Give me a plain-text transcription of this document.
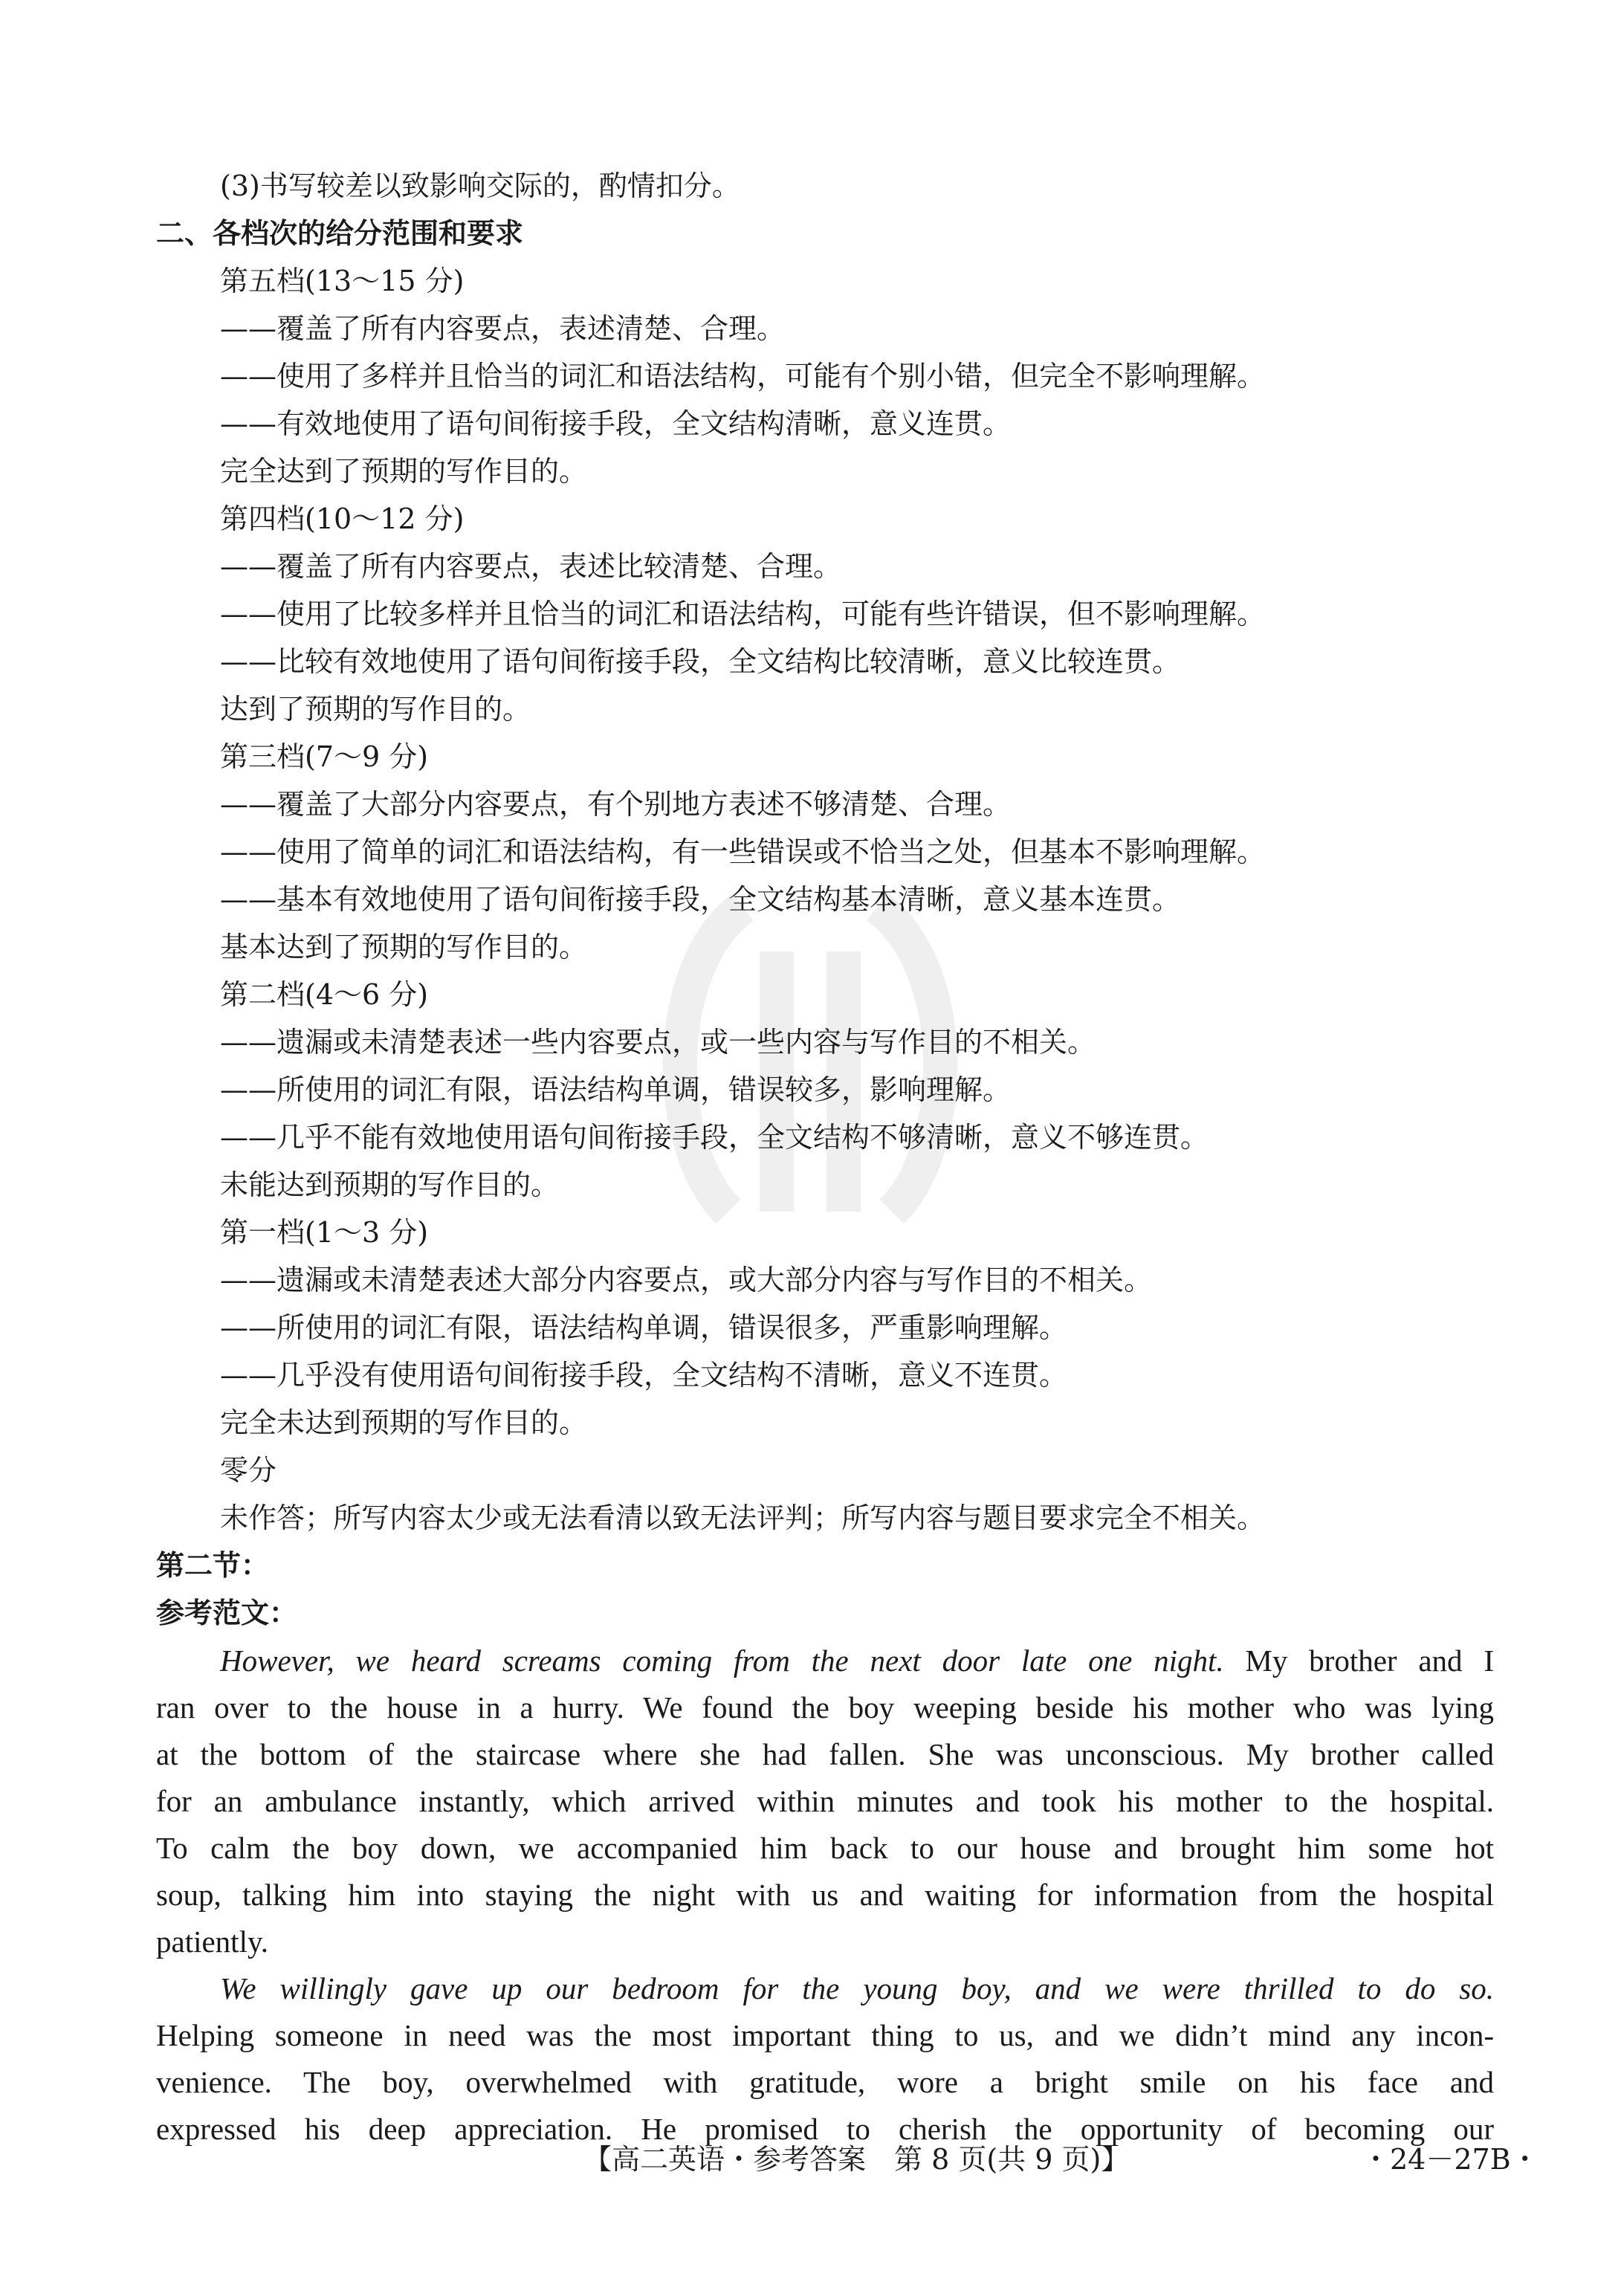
(3)书写较差以致影响交际的，酌情扣分。
二、各档次的给分范围和要求
第五档(13～15 分)
——覆盖了所有内容要点，表述清楚、合理。
——使用了多样并且恰当的词汇和语法结构，可能有个别小错，但完全不影响理解。
——有效地使用了语句间衔接手段，全文结构清晰，意义连贯。
完全达到了预期的写作目的。
第四档(10～12 分)
——覆盖了所有内容要点，表述比较清楚、合理。
——使用了比较多样并且恰当的词汇和语法结构，可能有些许错误，但不影响理解。
——比较有效地使用了语句间衔接手段，全文结构比较清晰，意义比较连贯。
达到了预期的写作目的。
第三档(7～9 分)
——覆盖了大部分内容要点，有个别地方表述不够清楚、合理。
——使用了简单的词汇和语法结构，有一些错误或不恰当之处，但基本不影响理解。
——基本有效地使用了语句间衔接手段，全文结构基本清晰，意义基本连贯。
基本达到了预期的写作目的。
第二档(4～6 分)
——遗漏或未清楚表述一些内容要点，或一些内容与写作目的不相关。
——所使用的词汇有限，语法结构单调，错误较多，影响理解。
——几乎不能有效地使用语句间衔接手段，全文结构不够清晰，意义不够连贯。
未能达到预期的写作目的。
第一档(1～3 分)
——遗漏或未清楚表述大部分内容要点，或大部分内容与写作目的不相关。
——所使用的词汇有限，语法结构单调，错误很多，严重影响理解。
——几乎没有使用语句间衔接手段，全文结构不清晰，意义不连贯。
完全未达到预期的写作目的。
零分
未作答；所写内容太少或无法看清以致无法评判；所写内容与题目要求完全不相关。
第二节：
参考范文：
However, we heard screams coming from the next door late one night. My brother and I
ran over to the house in a hurry. We found the boy weeping beside his mother who was lying
at the bottom of the staircase where she had fallen. She was unconscious. My brother called
for an ambulance instantly, which arrived within minutes and took his mother to the hospital.
To calm the boy down, we accompanied him back to our house and brought him some hot
soup, talking him into staying the night with us and waiting for information from the hospital
patiently.
We willingly gave up our bedroom for the young boy, and we were thrilled to do so.
Helping someone in need was the most important thing to us, and we didn’t mind any incon-
venience. The boy, overwhelmed with gratitude, wore a bright smile on his face and
expressed his deep appreciation. He promised to cherish the opportunity of becoming our
【高二英语・参考答案　第 8 页(共 9 页)】	・24－27B・
